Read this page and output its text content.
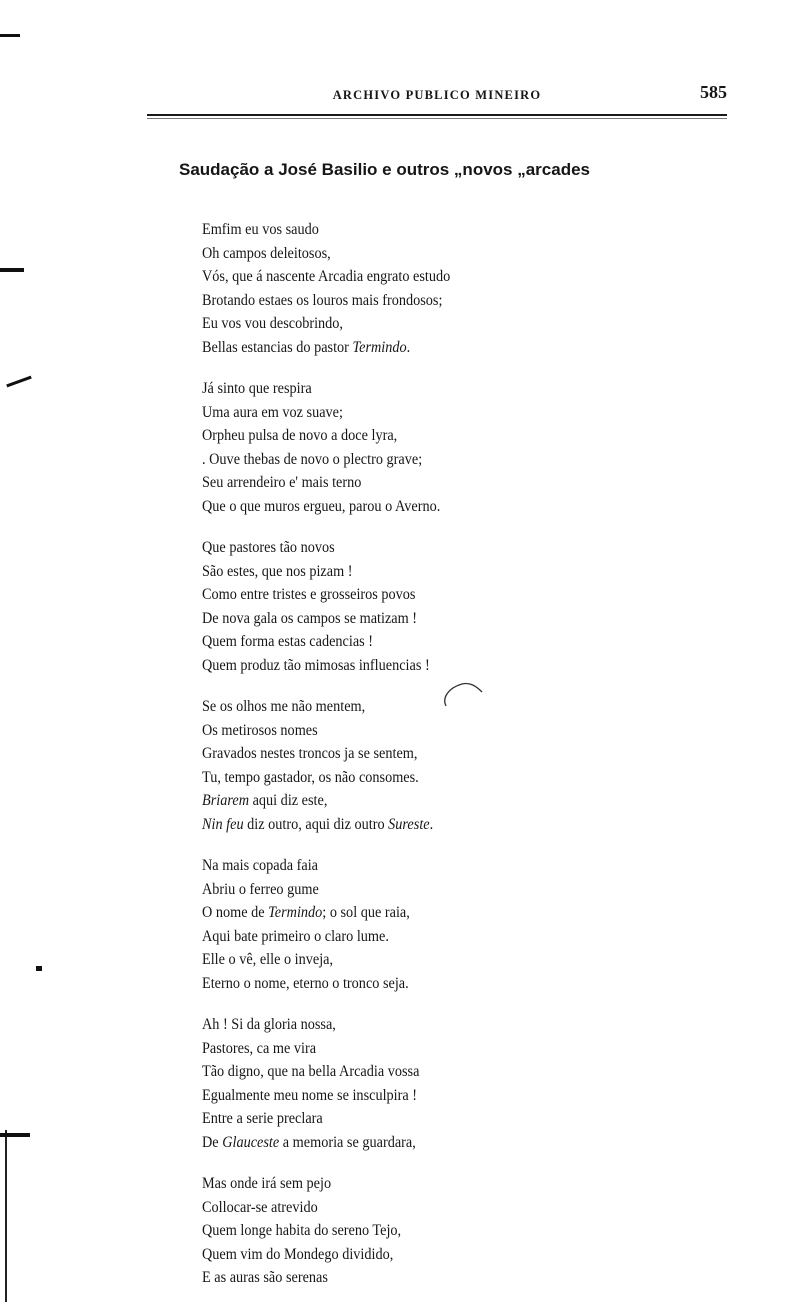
ARCHIVO PUBLICO MINEIRO	585
Saudação a José Basilio e outros „novos „arcades
Emfim eu vos saudo
Oh campos deleitosos,
Vós, que á nascente Arcadia engrato estudo
Brotando estaes os louros mais frondosos;
Eu vos vou descobrindo,
Bellas estancias do pastor Termindo.
Já sinto que respira
Uma aura em voz suave;
Orpheu pulsa de novo a doce lyra,
. Ouve thebas de novo o plectro grave;
Seu arrendeiro e' mais terno
Que o que muros ergueu, parou o Averno.
Que pastores tão novos
São estes, que nos pizam !
Como entre tristes e grosseiros povos
De nova gala os campos se matizam !
Quem forma estas cadencias !
Quem produz tão mimosas influencias !
Se os olhos me não mentem,
Os metirosos nomes
Gravados nestes troncos ja se sentem,
Tu, tempo gastador, os não consomes.
Briarem aqui diz este,
Nin feu diz outro, aqui diz outro Sureste.
Na mais copada faia
Abriu o ferreo gume
O nome de Termindo; o sol que raia,
Aqui bate primeiro o claro lume.
Elle o vê, elle o inveja,
Eterno o nome, eterno o tronco seja.
Ah ! Si da gloria nossa,
Pastores, ca me vira
Tão digno, que na bella Arcadia vossa
Egualmente meu nome se insculpira !
Entre a serie preclara
De Glauceste a memoria se guardara,
Mas onde irá sem pejo
Collocar-se atrevido
Quem longe habita do sereno Tejo,
Quem vim do Mondego dividido,
E as auras são serenas
